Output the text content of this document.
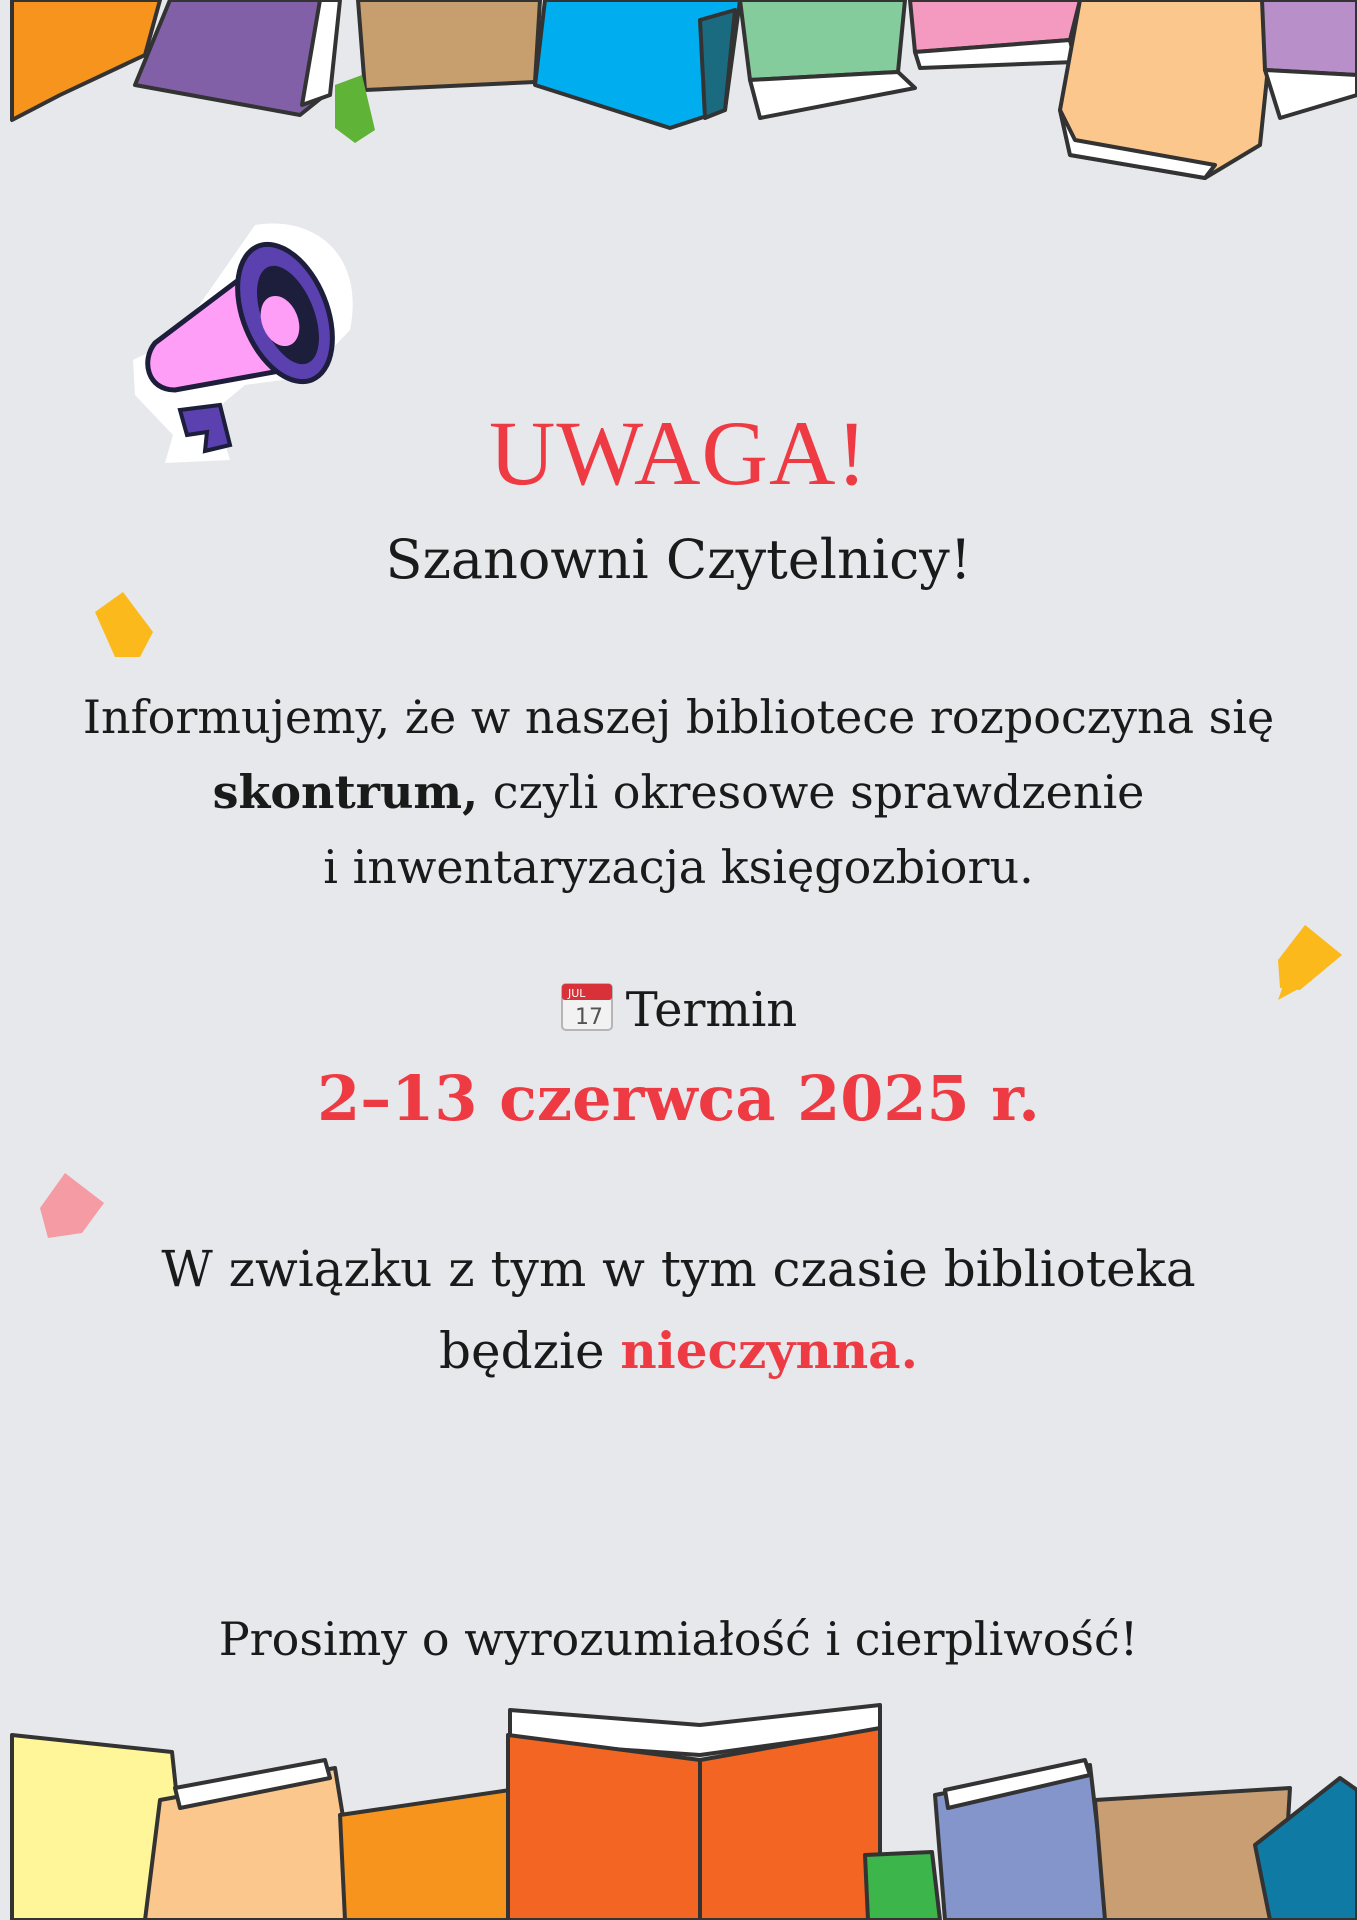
UWAGA!
Szanowni Czytelnicy!
Informujemy, że w naszej bibliotece rozpoczyna się
skontrum, czyli okresowe sprawdzenie
i inwentaryzacja księgozbioru.
JUL
17 Termin
2–13 czerwca 2025 r.
W związku z tym w tym czasie biblioteka
będzie nieczynna.
Prosimy o wyrozumiałość i cierpliwość!
